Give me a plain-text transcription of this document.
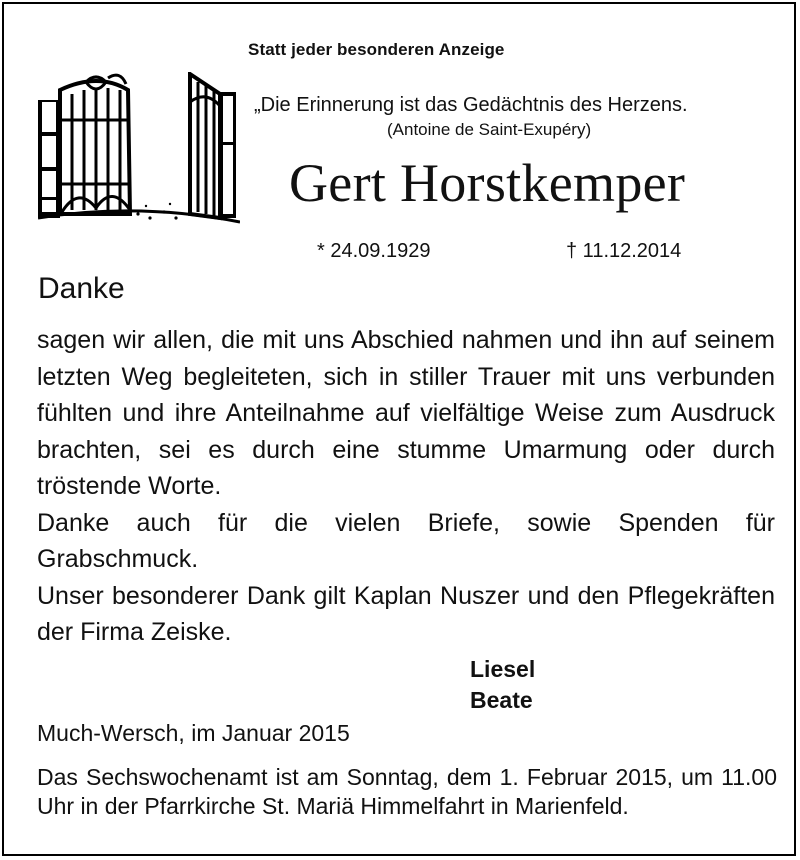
Statt jeder besonderen Anzeige
„Die Erinnerung ist das Gedächtnis des Herzens.
(Antoine de Saint-Exupéry)
Gert Horstkemper
* 24.09.1929	† 11.12.2014
Danke

sagen wir allen, die mit uns Abschied nahmen und ihn auf seinem letzten Weg begleiteten, sich in stiller Trauer mit uns verbunden fühlten und ihre Anteilnahme auf vielfältige Weise zum Ausdruck brachten, sei es durch eine stumme Umarmung oder durch tröstende Worte.

Danke auch für die vielen Briefe, sowie Spenden für Grabschmuck.

Unser besonderer Dank gilt Kaplan Nuszer und den Pflegekräften der Firma Zeiske.

Liesel
Beate
Much-Wersch, im Januar 2015
Das Sechswochenamt ist am Sonntag, dem 1. Februar 2015, um 11.00 Uhr in der Pfarrkirche St. Mariä Himmelfahrt in Marienfeld.
